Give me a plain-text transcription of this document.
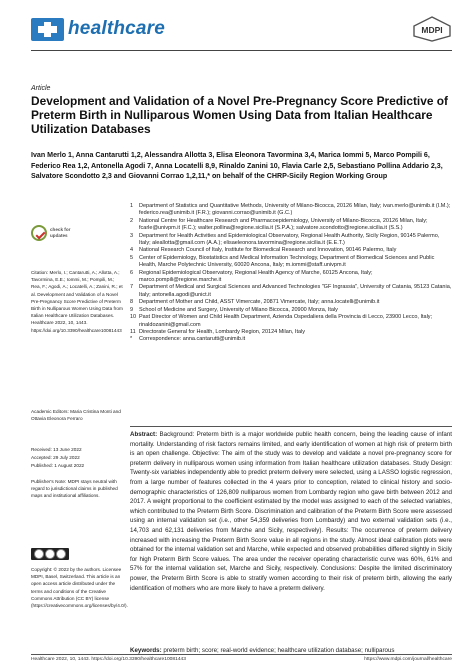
healthcare	MDPI
Article
Development and Validation of a Novel Pre-Pregnancy Score Predictive of Preterm Birth in Nulliparous Women Using Data from Italian Healthcare Utilization Databases
Ivan Merlo 1, Anna Cantarutti 1,2, Alessandra Allotta 3, Elisa Eleonora Tavormina 3,4, Marica Iommi 5, Marco Pompili 6, Federico Rea 1,2, Antonella Agodi 7, Anna Locatelli 8,9, Rinaldo Zanini 10, Flavia Carle 2,5, Sebastiano Pollina Addario 2,3, Salvatore Scondotto 2,3 and Giovanni Corrao 1,2,11,* on behalf of the CHRP-Sicily Region Working Group
check for
updates
Citation: Merlo, I.; Cantarutti, A.; Allotta, A.; Tavormina, E.E.; Iommi, M.; Pompili, M.; Rea, F.; Agodi, A.; Locatelli, A.; Zanini, R.; et al. Development and Validation of a Novel Pre-Pregnancy Score Predictive of Preterm Birth in Nulliparous Women Using Data from Italian Healthcare Utilization Databases. Healthcare 2022, 10, 1443. https://doi.org/10.3390/healthcare10081443
Academic Editors: Maria Cristina Monti and Ottavia Eleonora Ferraro
Received: 13 June 2022
Accepted: 29 July 2022
Published: 1 August 2022
Publisher's Note: MDPI stays neutral with regard to jurisdictional claims in published maps and institutional affiliations.
Copyright: © 2022 by the authors. Licensee MDPI, Basel, Switzerland. This article is an open access article distributed under the terms and conditions of the Creative Commons Attribution (CC BY) license (https://creativecommons.org/licenses/by/4.0/).
1	Department of Statistics and Quantitative Methods, University of Milano-Bicocca, 20126 Milan, Italy; ivan.merlo@unimib.it (I.M.); federico.rea@unimib.it (F.R.); giovanni.corrao@unimib.it (G.C.)
2	National Centre for Healthcare Research and Pharmacoepidemiology, University of Milano-Bicocca, 20126 Milan, Italy; fcarle@univpm.it (F.C.); walter.pollina@regione.sicilia.it (S.P.A.); salvatore.scondotto@regione.sicilia.it (S.S.)
3	Department for Health Activities and Epidemiological Observatory, Regional Health Authority, Sicily Region, 90145 Palermo, Italy; aleallotta@gmail.com (A.A.); elisaeleonora.tavormina@regione.sicilia.it (E.E.T.)
4	National Research Council of Italy, Institute for Biomedical Research and Innovation, 90146 Palermo, Italy
5	Center of Epidemiology, Biostatistics and Medical Information Technology, Department of Biomedical Sciences and Public Health, Marche Polytechnic University, 60020 Ancona, Italy; m.iommi@staff.univpm.it
6	Regional Epidemiological Observatory, Regional Health Agency of Marche, 60125 Ancona, Italy; marco.pompili@regione.marche.it
7	Department of Medical and Surgical Sciences and Advanced Technologies "GF Ingrassia", University of Catania, 95123 Catania, Italy; antonella.agodi@unict.it
8	Department of Mother and Child, ASST Vimercate, 20871 Vimercate, Italy; anna.locatelli@unimib.it
9	School of Medicine and Surgery, University of Milano Bicocca, 20900 Monza, Italy
10 Past Director of Women and Child Health Department, Azienda Ospedaliera della Provincia di Lecco, 23900 Lecco, Italy; rinaldozanini@gmail.com
11 Directorate General for Health, Lombardy Region, 20124 Milan, Italy
*	Correspondence: anna.cantarutti@unimib.it
Abstract: Background: Preterm birth is a major worldwide public health concern, being the leading cause of infant mortality. Understanding of risk factors remains limited, and early identification of women at high risk of preterm birth is an open challenge. Objective: The aim of the study was to develop and validate a novel pre-pregnancy score for preterm delivery in nulliparous women using information from Italian healthcare utilization databases. Study Design: Twenty-six variables independently able to predict preterm delivery were selected, using a LASSO logistic regression, from a large number of features collected in the 4 years prior to conception, related to clinical history and socio-demographic characteristics of 126,809 nulliparous women from Lombardy region who gave birth between 2012 and 2017. A weight proportional to the coefficient estimated by the model was assigned to each of the selected variables, which contributed to the Preterm Birth Score. Discrimination and calibration of the Preterm Birth Score were assessed using an internal validation set (i.e., other 54,359 deliveries from Lombardy) and two external validation sets (i.e., 14,703 and 62,131 deliveries from Marche and Sicily, respectively). Results: The occurrence of preterm delivery increased with increasing the Preterm Birth Score value in all regions in the study. Almost ideal calibration plots were obtained for the internal validation set and Marche, while expected and observed probabilities differed slightly in Sicily for high Preterm Birth Score values. The area under the receiver operating characteristic curve was 60%, 61% and 57% for the internal validation set, Marche and Sicily, respectively. Conclusions: Despite the limited discriminatory power, the Preterm Birth Score is able to stratify women according to their risk of preterm birth, allowing the early identification of mothers who are more likely to have a preterm delivery.
Keywords: preterm birth; score; real-world evidence; healthcare utilization database; nulliparous
Healthcare 2022, 10, 1443. https://doi.org/10.3390/healthcare10081443	https://www.mdpi.com/journal/healthcare
